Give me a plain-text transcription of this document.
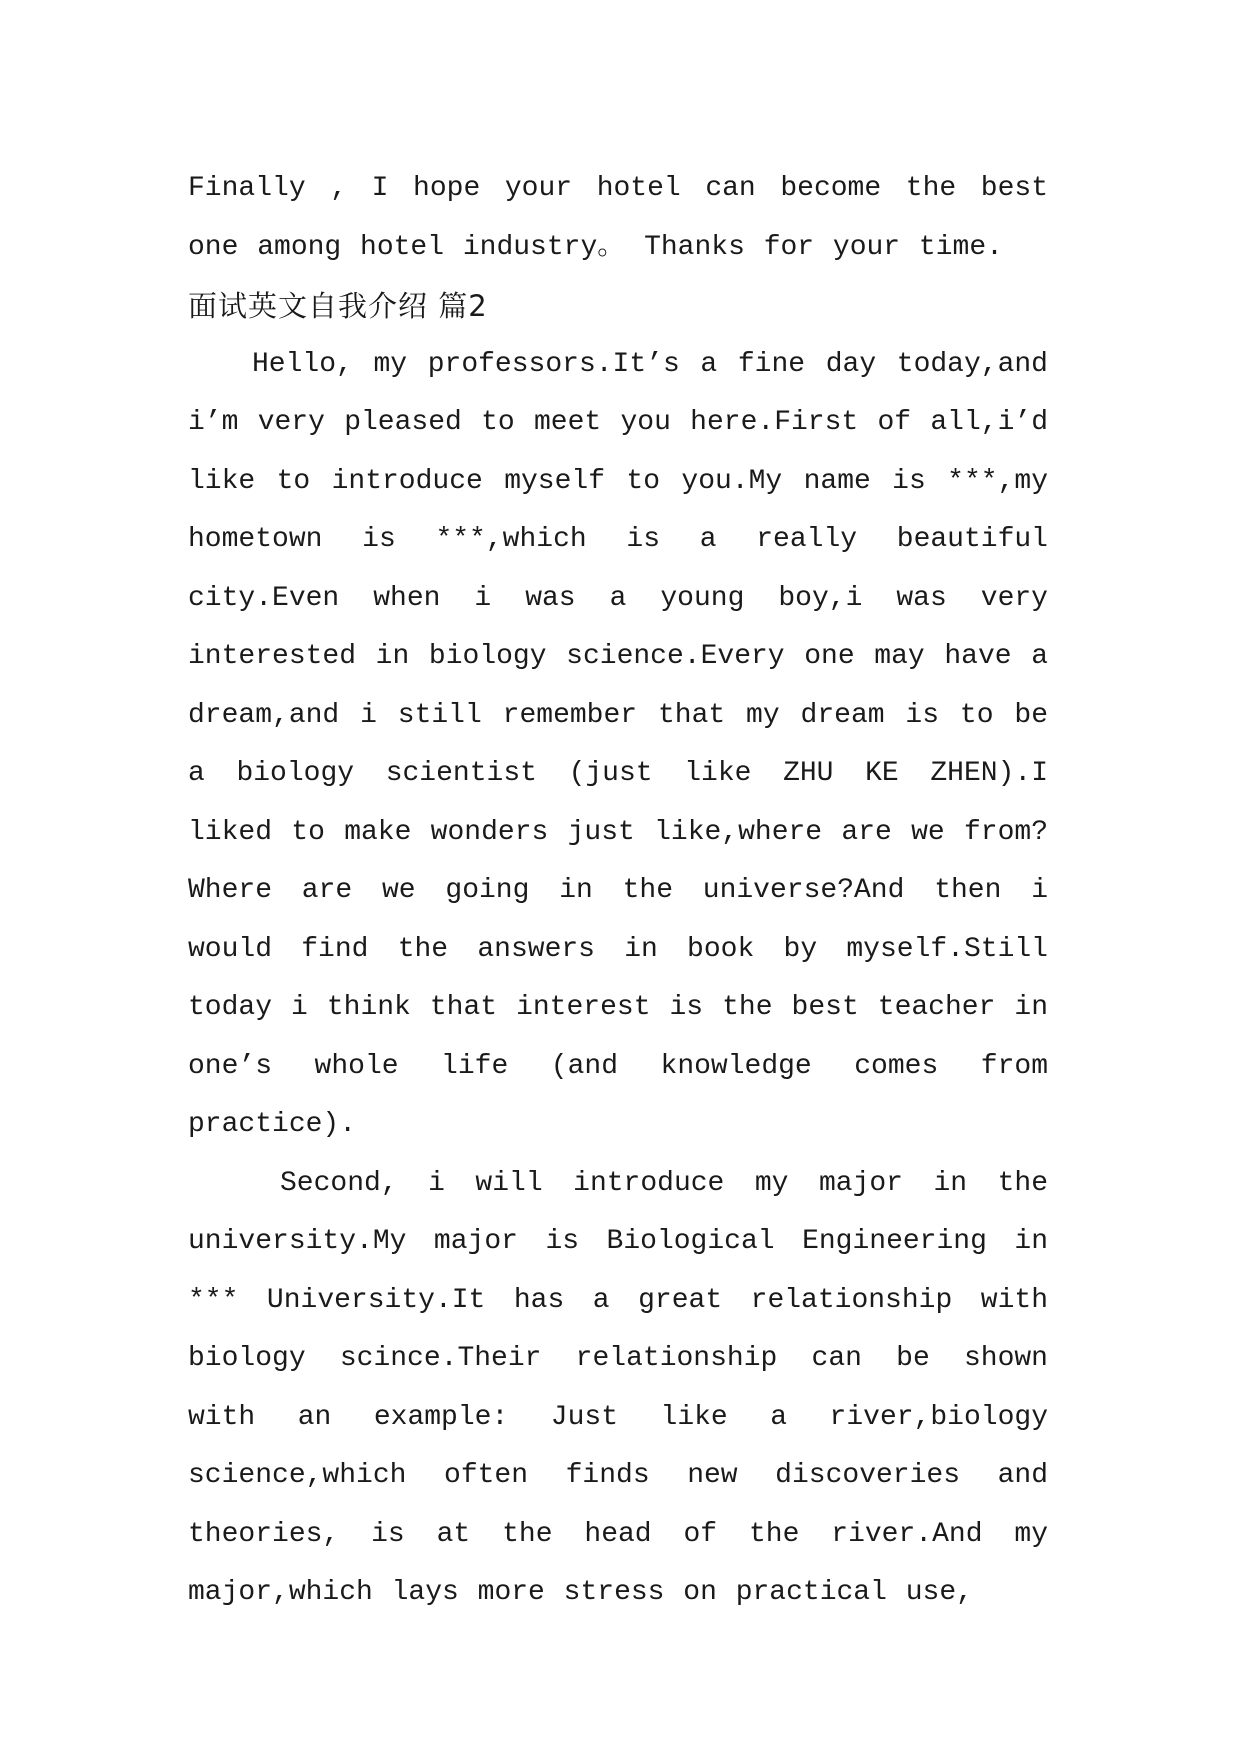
Finally , I hope your hotel can become the best one among hotel industry。 Thanks for your time.

面试英文自我介绍 篇2

Hello, my professors.It’s a fine day today,and i’m very pleased to meet you here.First of all,i’d like to introduce myself to you.My name is ***,my hometown is ***,which is a really beautiful city.Even when i was a young boy,i was very interested in biology science.Every one may have a dream,and i still remember that my dream is to be a biology scientist (just like ZHU KE ZHEN).I liked to make wonders just like,where are we from?Where are we going in the universe?And then i would find the answers in book by myself.Still today i think that interest is the best teacher in one’s whole life (and knowledge comes from practice).

Second, i will introduce my major in the university.My major is Biological Engineering in *** University.It has a great relationship with biology scince.Their relationship can be shown with an example: Just like a river,biology science,which often finds new discoveries and theories, is at the head of the river.And my major,which lays more stress on practical use,
